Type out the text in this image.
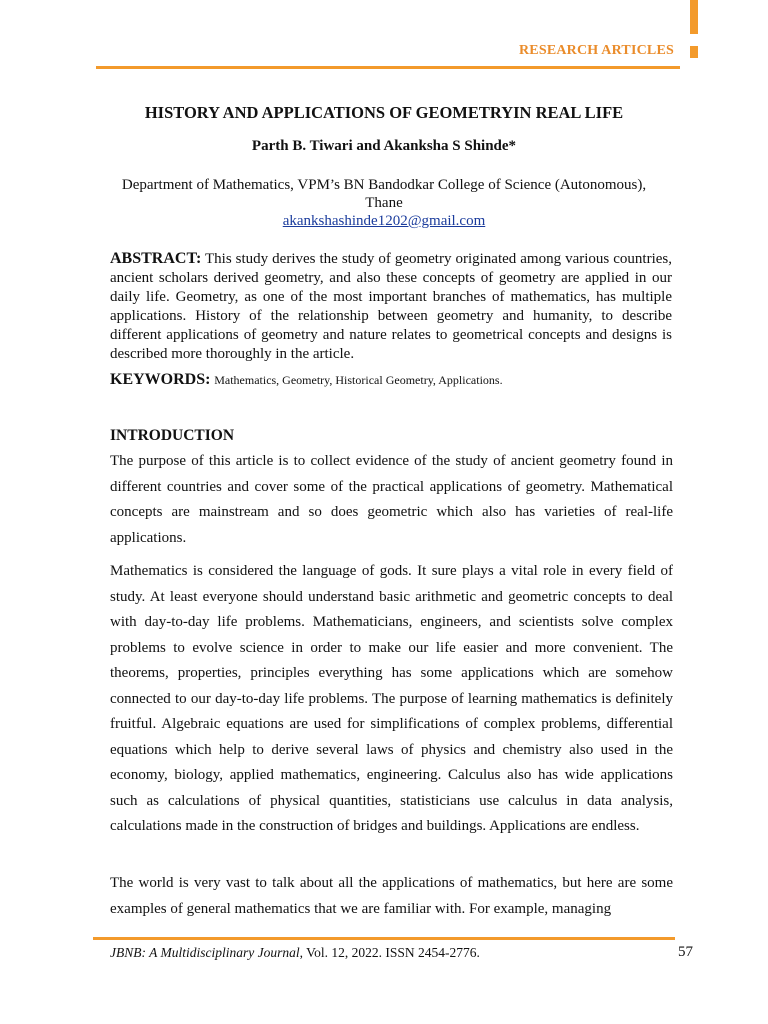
RESEARCH ARTICLES
HISTORY AND APPLICATIONS OF GEOMETRYIN REAL LIFE
Parth B. Tiwari and Akanksha S Shinde*
Department of Mathematics, VPM’s BN Bandodkar College of Science (Autonomous), Thane
akankshashinde1202@gmail.com

ABSTRACT: This study derives the study of geometry originated among various countries, ancient scholars derived geometry, and also these concepts of geometry are applied in our daily life. Geometry, as one of the most important branches of mathematics, has multiple applications. History of the relationship between geometry and humanity, to describe different applications of geometry and nature relates to geometrical concepts and designs is described more thoroughly in the article.

KEYWORDS: Mathematics, Geometry, Historical Geometry, Applications.
INTRODUCTION

The purpose of this article is to collect evidence of the study of ancient geometry found in different countries and cover some of the practical applications of geometry. Mathematical concepts are mainstream and so does geometric which also has varieties of real-life applications.

Mathematics is considered the language of gods. It sure plays a vital role in every field of study. At least everyone should understand basic arithmetic and geometric concepts to deal with day-to-day life problems. Mathematicians, engineers, and scientists solve complex problems to evolve science in order to make our life easier and more convenient. The theorems, properties, principles everything has some applications which are somehow connected to our day-to-day life problems. The purpose of learning mathematics is definitely fruitful. Algebraic equations are used for simplifications of complex problems, differential equations which help to derive several laws of physics and chemistry also used in the economy, biology, applied mathematics, engineering. Calculus also has wide applications such as calculations of physical quantities, statisticians use calculus in data analysis, calculations made in the construction of bridges and buildings. Applications are endless.

The world is very vast to talk about all the applications of mathematics, but here are some examples of general mathematics that we are familiar with. For example, managing

JBNB: A Multidisciplinary Journal, Vol. 12, 2022. ISSN 2454-2776.	57
